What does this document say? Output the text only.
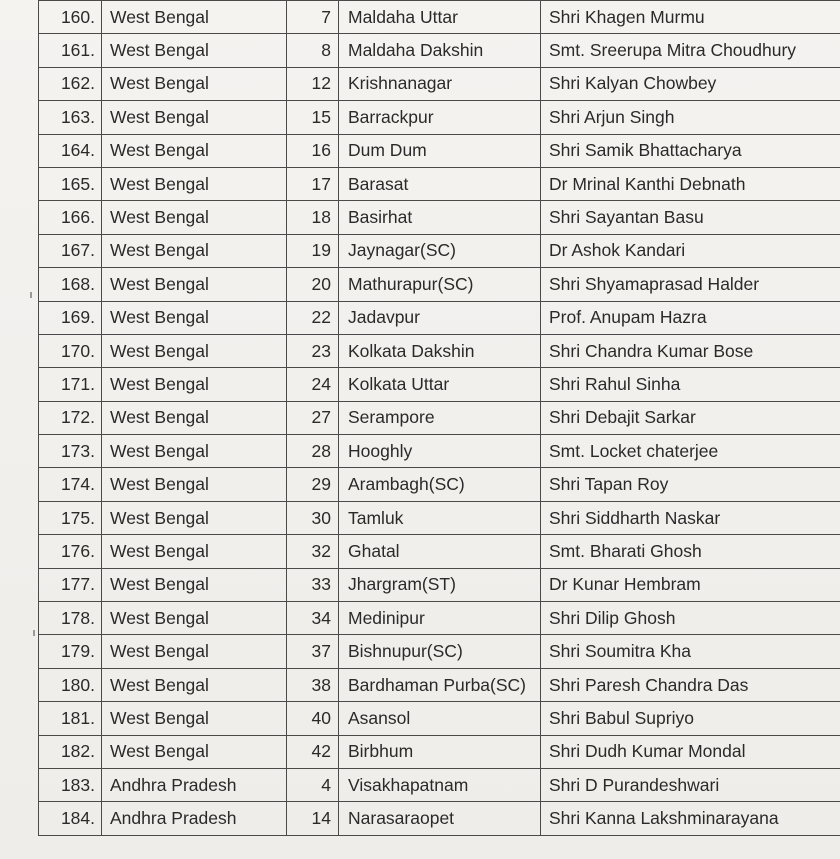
160.	West Bengal	7	Maldaha Uttar	Shri Khagen Murmu
161.	West Bengal	8	Maldaha Dakshin	Smt. Sreerupa Mitra Choudhury
162.	West Bengal	12	Krishnanagar	Shri Kalyan Chowbey
163.	West Bengal	15	Barrackpur	Shri Arjun Singh
164.	West Bengal	16	Dum Dum	Shri Samik Bhattacharya
165.	West Bengal	17	Barasat	Dr Mrinal Kanthi Debnath
166.	West Bengal	18	Basirhat	Shri Sayantan Basu
167.	West Bengal	19	Jaynagar(SC)	Dr Ashok Kandari
168.	West Bengal	20	Mathurapur(SC)	Shri Shyamaprasad Halder
169.	West Bengal	22	Jadavpur	Prof. Anupam Hazra
170.	West Bengal	23	Kolkata Dakshin	Shri Chandra Kumar Bose
171.	West Bengal	24	Kolkata Uttar	Shri Rahul Sinha
172.	West Bengal	27	Serampore	Shri Debajit Sarkar
173.	West Bengal	28	Hooghly	Smt. Locket chaterjee
174.	West Bengal	29	Arambagh(SC)	Shri Tapan Roy
175.	West Bengal	30	Tamluk	Shri Siddharth Naskar
176.	West Bengal	32	Ghatal	Smt. Bharati Ghosh
177.	West Bengal	33	Jhargram(ST)	Dr Kunar Hembram
178.	West Bengal	34	Medinipur	Shri Dilip Ghosh
179.	West Bengal	37	Bishnupur(SC)	Shri Soumitra Kha
180.	West Bengal	38	Bardhaman Purba(SC)	Shri Paresh Chandra Das
181.	West Bengal	40	Asansol	Shri Babul Supriyo
182.	West Bengal	42	Birbhum	Shri Dudh Kumar Mondal
183.	Andhra Pradesh	4	Visakhapatnam	Shri D Purandeshwari
184.	Andhra Pradesh	14	Narasaraopet	Shri Kanna Lakshminarayana
